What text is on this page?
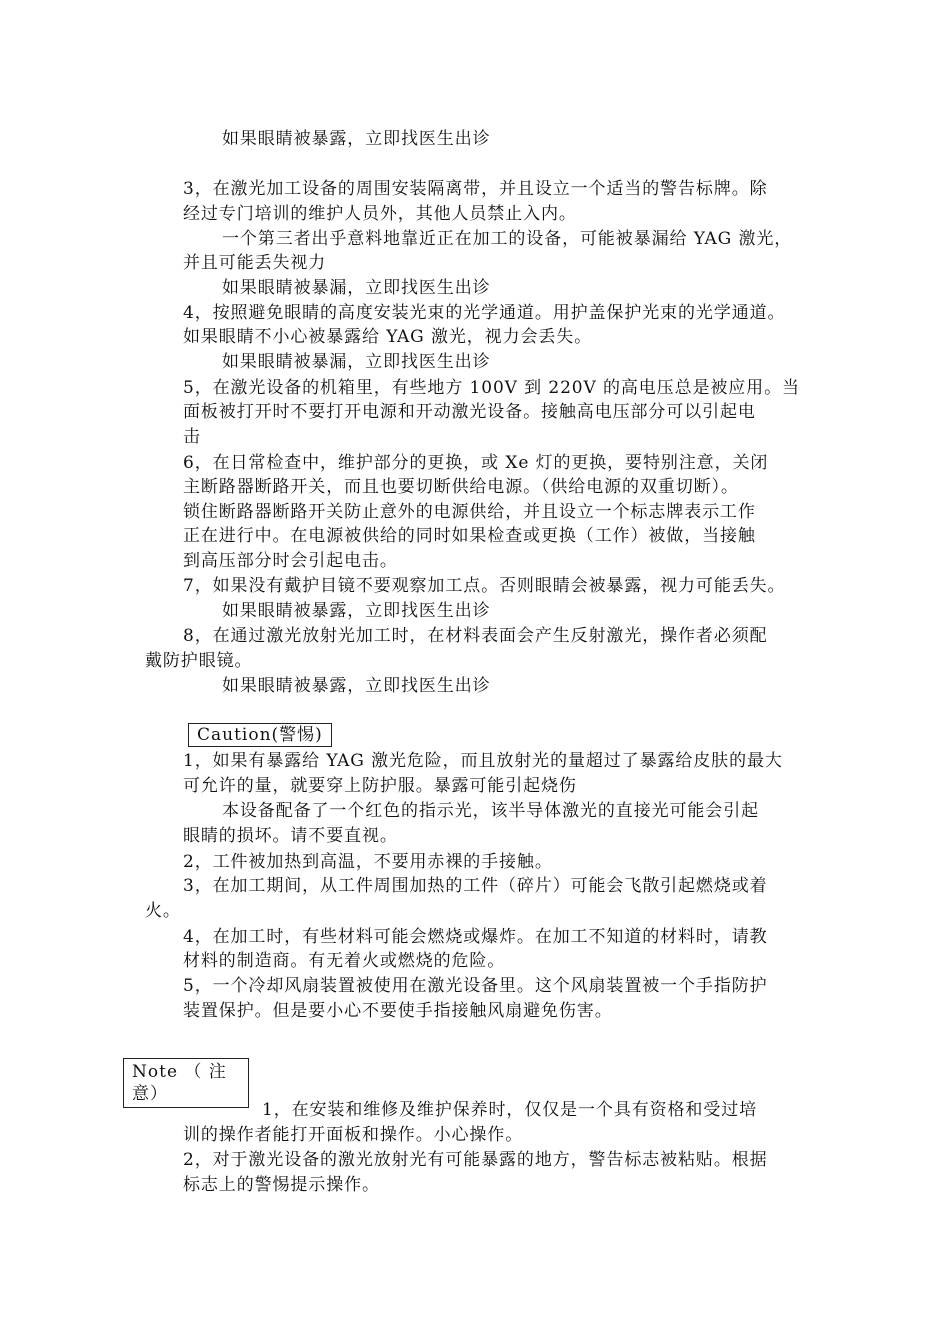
如果眼睛被暴露，立即找医生出诊
3，在激光加工设备的周围安装隔离带，并且设立一个适当的警告标牌。除
经过专门培训的维护人员外，其他人员禁止入内。
一个第三者出乎意料地靠近正在加工的设备，可能被暴漏给 YAG 激光，
并且可能丢失视力
如果眼睛被暴漏，立即找医生出诊
4，按照避免眼睛的高度安装光束的光学通道。用护盖保护光束的光学通道。
如果眼睛不小心被暴露给 YAG 激光，视力会丢失。
如果眼睛被暴漏，立即找医生出诊
5，在激光设备的机箱里，有些地方 100V 到 220V 的高电压总是被应用。当
面板被打开时不要打开电源和开动激光设备。接触高电压部分可以引起电
击
6，在日常检查中，维护部分的更换，或 Xe 灯的更换，要特别注意，关闭
主断路器断路开关，而且也要切断供给电源。（供给电源的双重切断）。
锁住断路器断路开关防止意外的电源供给，并且设立一个标志牌表示工作
正在进行中。在电源被供给的同时如果检查或更换（工作）被做，当接触
到高压部分时会引起电击。
7，如果没有戴护目镜不要观察加工点。否则眼睛会被暴露，视力可能丢失。
如果眼睛被暴露，立即找医生出诊
8，在通过激光放射光加工时，在材料表面会产生反射激光，操作者必须配
戴防护眼镜。
如果眼睛被暴露，立即找医生出诊
Caution(警惕)
1，如果有暴露给 YAG 激光危险，而且放射光的量超过了暴露给皮肤的最大
可允许的量，就要穿上防护服。暴露可能引起烧伤
本设备配备了一个红色的指示光，该半导体激光的直接光可能会引起
眼睛的损坏。请不要直视。
2，工件被加热到高温，不要用赤裸的手接触。
3，在加工期间，从工件周围加热的工件（碎片）可能会飞散引起燃烧或着
火。
4，在加工时，有些材料可能会燃烧或爆炸。在加工不知道的材料时，请教
材料的制造商。有无着火或燃烧的危险。
5，一个冷却风扇装置被使用在激光设备里。这个风扇装置被一个手指防护
装置保护。但是要小心不要使手指接触风扇避免伤害。
Note （ 注
意）
1，在安装和维修及维护保养时，仅仅是一个具有资格和受过培
训的操作者能打开面板和操作。小心操作。
2，对于激光设备的激光放射光有可能暴露的地方，警告标志被粘贴。根据
标志上的警惕提示操作。
